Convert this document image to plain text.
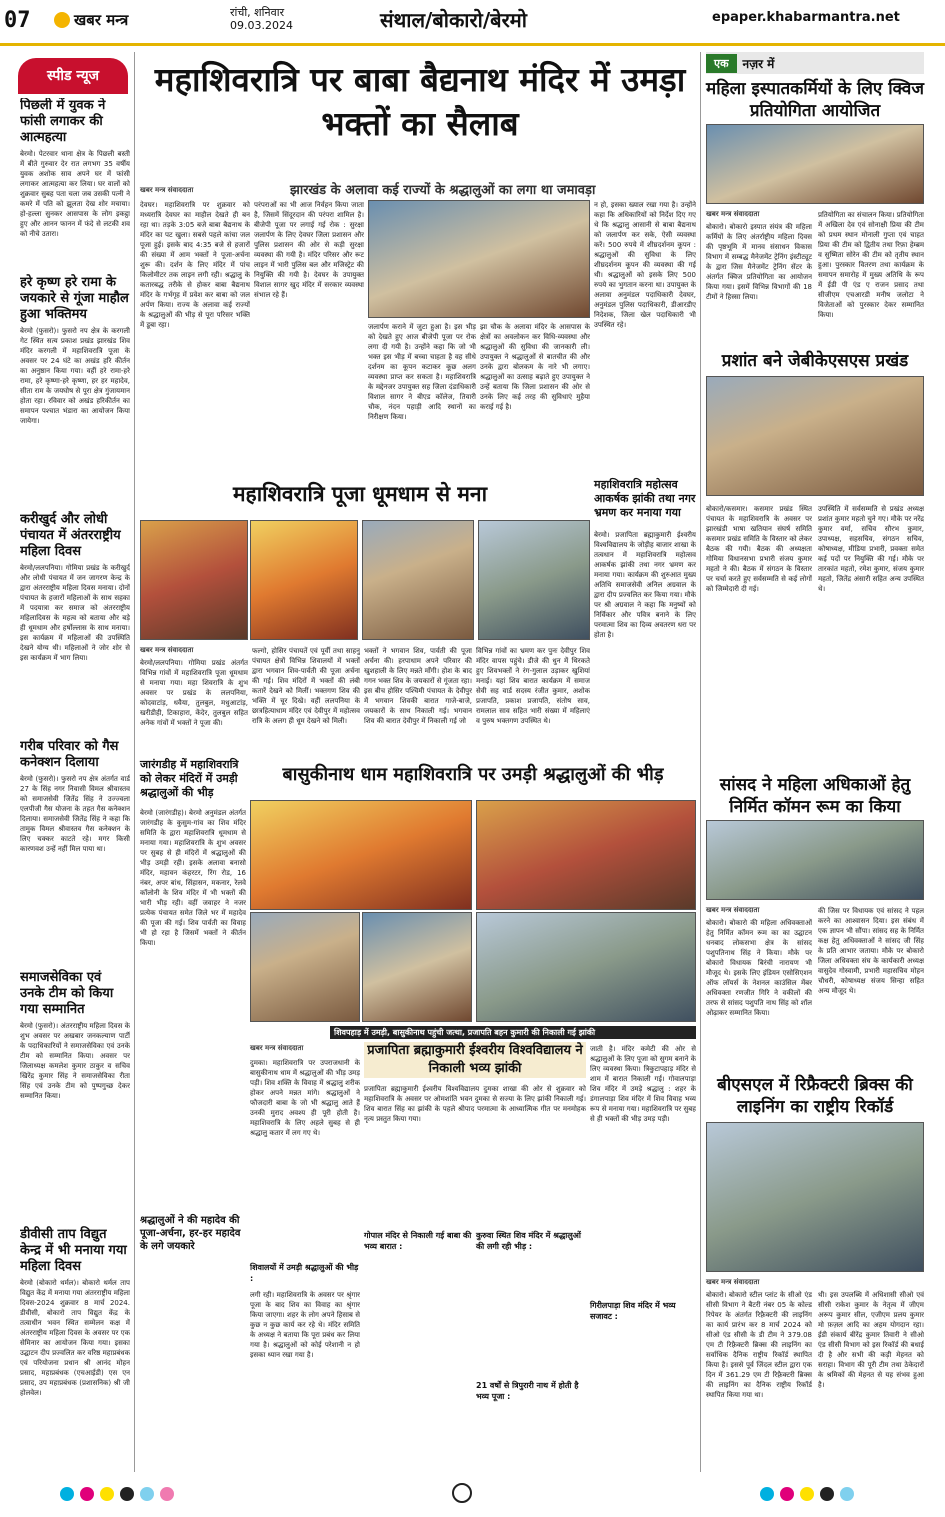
07	खबर मन्त्र	रांची, शनिवार
09.03.2024	संथाल/बोकारो/बेरमो	epaper.khabarmantra.net
स्पीड न्यूज
पिछली में युवक ने फांसी लगाकर की आत्महत्या
बेरमो। पेटरवार थाना क्षेत्र के पिछली बस्ती में बीते गुरुवार देर रात लगभग 35 वर्षीय युवक अशोक साव अपने घर में फांसी लगाकर आत्महत्या कर लिया। घर वालों को शुक्रवार सुबह पता चला जब उसकी पत्नी ने कमरे में पति को झूलता देख शोर मचाया। हो-हल्ला सुनकर आसपास के लोग इकट्ठा हुए और आनन फानन में फंदे से लटकी शव को नीचे उतारा।
हरे कृष्ण हरे रामा के जयकारे से गूंजा माहौल हुआ भक्तिमय
बेरमो (फुसरो)। फुसरो नप क्षेत्र के करगली गेट स्थित सत्य प्रकाश प्रखंड झारखंड शिव मंदिर करगली में महाशिवरात्रि पूजा के अवसर पर 24 घंटे का अखंड हरि कीर्तन का अनुष्ठान किया गया। वहीं हरे रामा-हरे रामा, हरे कृष्णा-हरे कृष्णा, हर हर महादेव, सीता राम के जयघोष से पूरा क्षेत्र गुंजायमान होता रहा। रविवार को अखंड हरिकीर्तन का समापन पश्चात भंडारा का आयोजन किया जायेगा।
करीखुर्द और लोधी पंचायत में अंतरराष्ट्रीय महिला दिवस
बेरमो/ललपनिया। गोमिया प्रखंड के करीखुर्द और लोधी पंचायत में जन जागरण केन्द्र के द्वारा अंतरराष्ट्रीय महिला दिवस मनाया। दोनों पंचायत के हजारों महिलाओं के साथ सहका में पदयात्रा कर समाज को अंतरराष्ट्रीय महिलादिवस के महत्व को बताया और बड़े ही धूमधाम और हर्षोल्लास के साथ मनाया। इस कार्यक्रम में महिलाओं की उपस्थिति देखने योग्य थी। महिलाओं ने जोर शोर से इस कार्यक्रम में भाग लिया।
गरीब परिवार को गैस कनेक्शन दिलाया
बेरमो (फुसरो)। फुसरो नप क्षेत्र अंतर्गत वार्ड 27 के सिंह नगर निवासी विमल श्रीवास्तव को समाजसेवी जितेंद्र सिंह ने उज्ज्वला एलपीजी गैस योजना के तहत गैस कनेक्शन दिलाया। समाजसेवी जितेंद्र सिंह ने कहा कि तामुक विमल श्रीवास्तव गैस कनेक्शन के लिए चक्कर काटते रहे। मगर किसी कारणवश उन्हें नहीं मिल पाया था।
समाजसेविका एवं उनके टीम को किया गया सम्मानित
बेरमो (फुसरो)। अंतरराष्ट्रीय महिला दिवस के शुभ अवसर पर अखबार जनकल्याण पार्टी के पदाधिकारियों ने समाजसेविका एवं उनके टीम को सम्मानित किया। अवसर पर जिलाध्यक्ष कमलेश कुमार ठाकुर व सचिव खिरेंद्र कुमार सिंह ने समाजसेविका रीता सिंह एवं उनके टीम को पुष्पगुच्छ देकर सम्मानित किया।
डीवीसी ताप विद्युत केन्द्र में भी मनाया गया महिला दिवस
बेरमो (बोकारो थर्मल)। बोकारो थर्मल ताप विद्युत केंद्र में मनाया गया अंतरराष्ट्रीय महिला दिवस-2024 शुक्रवार 8 मार्च 2024. डीवीसी, बोकारो ताप विद्युत केंद्र के तत्वाधीन भवन स्थित सम्मेलन कक्ष में अंतरराष्ट्रीय महिला दिवस के अवसर पर एक सेमिनार का आयोजन किया गया। इसका उद्घाटन दीप प्रज्वलित कर वरिष्ठ महाप्रबंधक एवं परियोजना प्रधान श्री आनंद मोहन प्रसाद, महाप्रबंधक (एचआईडी) एस एन प्रसाद, उप महाप्रबंधक (प्रशासनिक) श्री जी होलवेल।
महाशिवरात्रि पर बाबा बैद्यनाथ मंदिर में उमड़ा भक्तों का सैलाब
झारखंड के अलावा कई राज्यों के श्रद्धालुओं का लगा था जमावड़ा
खबर मन्त्र संवाददाता
देवघर। महाशिवरात्रि पर शुक्रवार को मध्यरात्रि देवघर का माहौल देखते ही बन रहा था। तड़के 3:05 बजे बाबा बैद्यनाथ के मंदिर का पट खुला। सबसे पहले कांचा जल पूजा हुई। इसके बाद 4:35 बजे से हजारों की संख्या में आम भक्तों ने पूजा-अर्चना शुरू की। दर्शन के लिए मंदिर में पांच किलोमीटर तक लाइन लगी रही। श्रद्धालु के कतारबद्ध तरीके से होकर बाबा बैद्यनाथ मंदिर के गर्भगृह में प्रवेश कर बाबा को जल अर्पण किया। राज्य के अलावा कई राज्यों के श्रद्धालुओं की भीड़ से पूरा परिसर भक्ति में डूबा रहा।
परंपराओं का भी आज निर्वहन किया जाता है, जिसमें सिंदूरदान की परंपरा शामिल है। बीजेपी पूजा पर लगाई गई रोक : सुरक्षा जलार्पण के लिए देवघर जिला प्रशासन और पुलिस प्रशासन की ओर से कड़ी सुरक्षा व्यवस्था की गयी है। मंदिर परिसर और रूट लाइन में भारी पुलिस बल और मजिस्ट्रेट की नियुक्ति की गयी है। देवघर के उपायुक्त विशाल सागर खुद मंदिर में सरकार व्यवस्था संभाल रहे हैं।
जलार्पण कराने में जुटा हुआ है। इस भीड़ को देखते हुए आज बीजेपी पूजा पर रोक लगा दी गयी है। उन्होंने कहा कि जो भी भक्त इस भीड़ में बच्चा चाहता है वह सीधे दर्शनम का कूपन कटाकर कूछ अलग व्यवस्था प्राप्त कर सकता है। महाशिवरात्रि के मद्देनजर उपायुक्त सह जिला दंडाधिकारी विशाल सागर ने बीएड कॉलेज, तिवारी चौक, नंदन पहाड़ी आदि स्थानों का निरीक्षण किया।
झा चौक के अलावा मंदिर के आसपास के क्षेत्रों का अवलोकन कर विधि-व्यवस्था और श्रद्धालुओं की सुविधा की जानकारी ली। उपायुक्त ने श्रद्धालुओं से बातचीत की और उनके द्वारा बोलकम के नारे भी लगाए। श्रद्धालुओं का उत्साह बढ़ाते हुए उपायुक्त ने उन्हें बताया कि जिला प्रशासन की ओर से उनके लिए कई तरह की सुविधाएं मुहैया कराई गई है।
न हो, इसका ख्याल रखा गया है। उन्होंने कहा कि अधिकारियों को निर्देश दिए गए थे कि श्रद्धालु आसानी से बाबा बैद्यनाथ को जलार्पण कर सके, ऐसी व्यवस्था करें। 500 रुपये में शीघ्रदर्शनम कूपन : श्रद्धालुओं की सुविधा के लिए शीघ्रदर्शनम कूपन की व्यवस्था की गई थी। श्रद्धालुओं को इसके लिए 500 रुपये का भुगतान करना था। उपायुक्त के अलावा अनुमंडल पदाधिकारी देवघर, अनुमंडल पुलिस पदाधिकारी, डीआरडीए निदेशक, जिला खेल पदाधिकारी भी उपस्थित रहे।
महाशिवरात्रि पूजा धूमधाम से मना
खबर मन्त्र संवाददाता
बेरमो/ललपनिया। गोमिया प्रखंड अंतर्गत विभिन्न गांवों में महाशिवरात्रि पूजा धूमधाम से मनाया गया। महा शिवरात्रि के शुभ अवसर पर प्रखंड के ललपनिया, कोदवाटांड़, धवैया, तुलबुल, मधुआटांड़, खरीडीही, टिकाहारा, केंदेर, तुलबुल सहित अनेक गांवों में भक्तों ने पूजा की।
फल्गो, होसिर पंचायतें एवं पूर्वी तथा साहनु पंचायत क्षेत्रों विभिन्न शिवालयों में भक्तों द्वारा भगवान शिव-पार्वती की पूजा अर्चना की गई। शिव मंदिरों में भक्तों की लंबी कतारें देखने को मिलीं। भक्तगण शिव की भक्ति में चूर दिखे। वहीं ललपनिया के छात्रहित्याधाम मंदिर एवं देवीपुर में महोत्सव रात्रि के अलग ही धूम देखने को मिली।
भक्तों ने भगवान शिव, पार्वती की पूजा अर्चना की। हरपाधाम अपने परिवार की खुशहाली के लिए मन्नते माँगी। होश के बाद गगन भक्त शिव के जयकारों से गूंजता रहा। इस बीच होसिर पश्चिमी पंचायत के देवीपुर में भगवान शिवकी बारात गाजे-बाजे, जयकारों के साथ निकाली गई। भगवान शिव की बारात देवीपुर में निकाली गई जो
विभिन्न गांवों का भ्रमण कर पुनः देवीपुर शिव मंदिर वापस पहुंचे। डीजे की धुन में थिरकते हुए शिवभक्तों ने रंग-गुलाल उड़ाकर खुशियां मनाई। यहां शिव बारात कार्यक्रम में समाज सेवी सह वार्ड सदस्य रंजीत कुमार, अशोक प्रजापति, प्रकाश प्रजापति, संतोष साव, रामलाल साव सहित भारी संख्या में महिलाएं व पुरुष भक्तगण उपस्थित थे।
महाशिवरात्रि महोत्सव आकर्षक झांकी तथा नगर भ्रमण कर मनाया गया
बेरमो। प्रजापिता ब्रह्माकुमारी ईश्वरीय विश्वविद्यालय के जोड़ीह बाजार शाखा के तत्वधान में महाशिवरात्रि महोत्सव आकर्षक झांकी तथा नगर भ्रमण कर मनाया गया। कार्यक्रम की शुरुआत मुख्य अतिथि समाजसेवी अनिल अग्रवाल के द्वारा दीप प्रज्वलित कर किया गया। मौके पर श्री अग्रवाल ने कहा कि मनुष्यों को निर्विकार और पवित्र बनाने के लिए परमात्मा शिव का दिव्य अवतरण धरा पर होता है।
जारंगडीह में महाशिवरात्रि को लेकर मंदिरों में उमड़ी श्रद्धालुओं की भीड़
बेरमो (जारंगडीह)। बेरमो अनुमंडल अंतर्गत जारंगडीह के कुसुम-गांव का शिव मंदिर समिति के द्वारा महाशिवरात्रि धूमधाम से मनाया गया। महाशिवरात्रि के शुभ अवसर पर सुबह से ही मंदिरों में श्रद्धालुओं की भीड़ उमड़ी रही। इसके अलावा बनासो मंदिर, महावन कंहरटर, रिंग रोड, 16 नंबर, अपर बांध, सिंहासन, मकनार, रेलवे कॉलोनी के शिव मंदिर में भी भक्तों की भारी भीड़ रही। वहीं जवाहर ने नजर प्रत्येक पंचायत समेत जिले भर में महादेव की पूजा की गई। शिव पार्वती का विवाह भी हो रहा है जिसमें भक्तों ने कीर्तन किया।
बासुकीनाथ धाम महाशिवरात्रि पर उमड़ी श्रद्धालुओं की भीड़
शिवपहाड़ में उमड़ी, बासुकीनाथ पहुंची जत्था, प्रजापति बहन कुमारी की निकाली गई झांकी
श्रद्धालुओं ने की महादेव की पूजा-अर्चना, हर-हर महादेव के लगे जयकारे
खबर मन्त्र संवाददाता
दुमका। महाशिवरात्रि पर उपराजधानी के बासुकीनाथ धाम में श्रद्धालुओं की भीड़ उमड़ पड़ी। शिव शक्ति के विवाह में श्रद्धालु शरीक होकर अपने मन्नत मांगे। श्रद्धालुओं ने फौजदारी बाबा के जो भी श्रद्धालु आते हैं उनकी मुराद अवश्य ही पूरी होती है। महाशिवरात्रि के लिए अहले सुबह से ही श्रद्धालु कतार में लग गए थे।
शिवालयों में उमड़ी श्रद्धालुओं की भीड़ :
लगी रही। महाशिवरात्रि के अवसर पर श्रृंगार पूजा के बाद शिव का विवाह का श्रृंगार किया जाएगा। शहर के लोग अपने हिसाब से कुछ न कुछ कार्य कर रहे थे। मंदिर समिति के अध्यक्ष ने बताया कि पूरा प्रबंध कर लिया गया है। श्रद्धालुओं को कोई परेशानी न हो इसका ध्यान रखा गया है।
प्रजापिता ब्रह्माकुमारी ईश्वरीय विश्वविद्यालय ने निकाली भव्य झांकी
प्रजापिता ब्रह्माकुमारी ईश्वरीय विश्वविद्यालय दुमका शाखा की ओर से शुक्रवार को महाशिवरात्रि के अवसर पर ओमशांति भवन दुमका से सज्या के लिए झांकी निकाली गई। शिव बारात सिंह का झांकी के पहले श्रीपाद परमात्मा के आध्यात्मिक गीत पर मनमोहक नृत्य प्रस्तुत किया गया।
गोपाल मंदिर से निकाली गई बाबा की भव्य बारात :
कुरुवा स्थित शिव मंदिर में श्रद्धालुओं की लगी रही भीड़ :
21 वर्षों से त्रिपुरारी नाथ में होती है भव्य पूजा :
जाती है। मंदिर कमेटी की ओर से श्रद्धालुओं के लिए पूजा को सुगम बनाने के लिए व्यवस्था किया। त्रिकुटापहाड़ मंदिर से शाम में बारात निकाली गई। गोवालपाड़ा शिव मंदिर में उमड़े श्रद्धालु : शहर के डंगालपाड़ा शिव मंदिर में शिव विवाह भव्य रूप से मनाया गया। महाशिवरात्रि पर सुबह से ही भक्तों की भीड़ उमड़ पड़ी।
गिरीलपाड़ा शिव मंदिर में भव्य सजावट :
एक	नज़र में
महिला इस्पातकर्मियों के लिए क्विज प्रतियोगिता आयोजित
खबर मन्त्र संवाददाता
बोकारो। बोकारो इस्पात संयंत्र की महिला कर्मियों के लिए अंतर्राष्ट्रीय महिला दिवस की पृष्ठभूमि में मानव संसाधन विकास विभाग में सम्बद्ध मैनेजमेंट ट्रेनिंग इंस्टीट्यूट के द्वारा जिस मैनेजमेंट ट्रेनिंग सेंटर के अंतर्गत क्विज प्रतियोगिता का आयोजन किया गया। इसमें विभिन्न विभागों की 18 टीमों ने हिस्सा लिया।
प्रतियोगिता का संचालन किया। प्रतियोगिता में अखिला देव एवं सोनाक्षी प्रिया की टीम को प्रथम स्थान मोनाली गुप्ता एवं चाहत प्रिया की टीम को द्वितीय तथा रिफ़ा हेम्ब्रम व सुष्मिता सोरेन की टीम को तृतीय स्थान हुआ। पुरस्कार वितरण तथा कार्यक्रम के समापन समारोह में मुख्य अतिथि के रूप में ईडी पी एंड ए राजन प्रसाद तथा सीजीएम एचआरडी मनीष जलोटा ने विजेताओं को पुरस्कार देकर सम्मानित किया।
प्रशांत बने जेबीकेएसएस प्रखंड
बोकारो/कसमार। कसमार प्रखंड स्थित पंचायत के महाशिवरात्रि के अवसर पर झारखंडी भाषा खतियान संघर्ष समिति कसमार प्रखंड समिति के विस्तार को लेकर बैठक की गयी। बैठक की अध्यक्षता गोमिया विधानसभा प्रभारी संजय कुमार महतो ने की। बैठक में संगठन के विस्तार पर चर्चा करते हुए सर्वसम्मति से कई लोगों को जिम्मेदारी दी गई।
उपस्थिति में सर्वसम्मति से प्रखंड अध्यक्ष प्रशांत कुमार महतो चुने गए। मौके पर नरेंद्र कुमार वर्मा, सचिव सौरभ कुमार, उपाध्यक्ष, सहसचिव, संगठन सचिव, कोषाध्यक्ष, मीडिया प्रभारी, प्रवक्ता समेत कई पदों पर नियुक्ति की गई। मौके पर तारकांत महतो, रमेश कुमार, संजय कुमार महतो, जितेंद्र अंसारी सहित अन्य उपस्थित थे।
सांसद ने महिला अधिकाओं हेतु निर्मित कॉमन रूम का किया
खबर मन्त्र संवाददाता
बोकारो। बोकारो की महिला अधिवक्ताओं हेतु निर्मित कॉमन रूम का का उद्घाटन धनबाद लोकसभा क्षेत्र के सांसद पशुपतिनाथ सिंह ने किया। मौके पर बोकारो विधायक बिरंची नारायण भी मौजूद थे। इसके लिए इंडियन एसोसिएशन ऑफ लॉयर्स के नेशनल काउंसिल मेंबर अधिवक्ता रणजीत गिरि ने वकीलों की तरफ से सांसद पशुपति नाथ सिंह को शॉल ओढ़ाकर सम्मानित किया।
की जिस पर विधायक एवं सांसद ने पहल करने का आश्वासन दिया। इस संबंध में एक ज्ञापन भी सौंपा। सांसद सह के निर्मित कक्ष हेतु अधिवक्ताओं ने सांसद जी सिंह के प्रति आभार जताया। मौके पर बोकारो जिला अधिवक्ता संघ के कार्यकारी अध्यक्ष वासुदेव गोस्वामी, प्रभारी महासचिव मोहन चौधरी, कोषाध्यक्ष संजय सिन्हा सहित अन्य मौजूद थे।
बीएसएल में रिफ्रैक्टरी ब्रिक्स की लाइनिंग का राष्ट्रीय रिकॉर्ड
खबर मन्त्र संवाददाता
बोकारो। बोकारो स्टील प्लांट के सीओ एंड सीसी विभाग ने बैटरी नंबर 05 के कोल्ड रिपेयर के अंतर्गत रिफ़्रैक्टरी की लाइनिंग का कार्य प्रारंभ कर 8 मार्च 2024 को सीओ एंड सीसी के डी टीम ने 379.08 एम टी रिफ़्रैक्टरी ब्रिक्स की लाइनिंग का सर्वाधिक दैनिक राष्ट्रीय रिकॉर्ड स्थापित किया है। इससे पूर्व जिंदल स्टील द्वारा एक दिन में 361.29 एम टी रिफ़्रैक्टरी ब्रिक्स की लाइनिंग का दैनिक राष्ट्रीय रिकॉर्ड स्थापित किया गया था।
थी। इस उपलब्धि में अधिशासी सीओ एवं सीसी राकेश कुमार के नेतृत्व में जीएम अरूप कुमार सील, एजीएम प्रलय कुमार मो फ़ज़ल आदि का अहम योगदान रहा। ईडी संकार्य बीरेंद्र कुमार तिवारी ने सीओ एंड सीसी विभाग को इस रिकॉर्ड की बधाई दी है और सभी की कड़ी मेहनत को सराहा। विभाग की पूरी टीम तथा ठेकेदारों के श्रमिकों की मेहनत से यह संभव हुआ है।
